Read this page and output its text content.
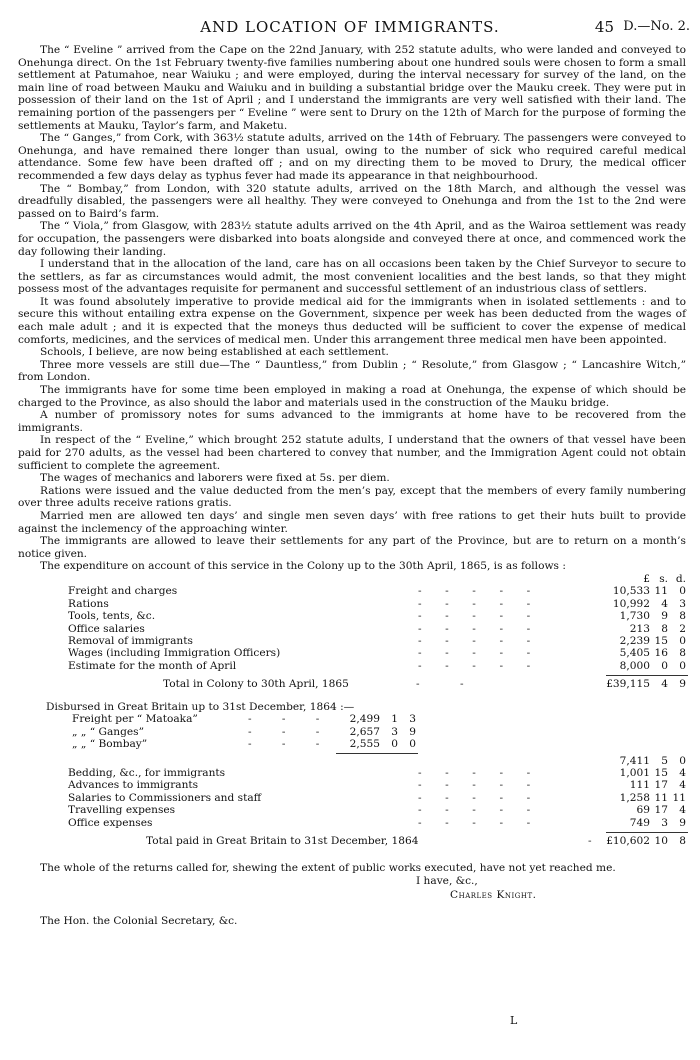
AND LOCATION OF IMMIGRANTS.	45 D.—No. 2.

The “ Eveline ” arrived from the Cape on the 22nd January, with 252 statute adults, who were landed and conveyed to Onehunga direct. On the 1st February twenty-five families numbering about one hundred souls were chosen to form a small settlement at Patumahoe, near Waiuku ; and were employed, during the interval necessary for survey of the land, on the main line of road between Mauku and Waiuku and in building a substantial bridge over the Mauku creek. They were put in possession of their land on the 1st of April ; and I understand the immigrants are very well satisfied with their land. The remaining portion of the passengers per “ Eveline ” were sent to Drury on the 12th of March for the purpose of forming the settlements at Mauku, Taylor’s farm, and Maketu.

The “ Ganges,” from Cork, with 363½ statute adults, arrived on the 14th of February. The passengers were conveyed to Onehunga, and have remained there longer than usual, owing to the number of sick who required careful medical attendance. Some few have been drafted off ; and on my directing them to be moved to Drury, the medical officer recommended a few days delay as typhus fever had made its appearance in that neighbourhood.

The “ Bombay,” from London, with 320 statute adults, arrived on the 18th March, and although the vessel was dreadfully disabled, the passengers were all healthy. They were conveyed to Onehunga and from the 1st to the 2nd were passed on to Baird’s farm.

The “ Viola,” from Glasgow, with 283½ statute adults arrived on the 4th April, and as the Wairoa settlement was ready for occupation, the passengers were disbarked into boats alongside and conveyed there at once, and commenced work the day following their landing.

I understand that in the allocation of the land, care has on all occasions been taken by the Chief Surveyor to secure to the settlers, as far as circumstances would admit, the most convenient localities and the best lands, so that they might possess most of the advantages requisite for permanent and successful settlement of an industrious class of settlers.

It was found absolutely imperative to provide medical aid for the immigrants when in isolated settlements : and to secure this without entailing extra expense on the Government, sixpence per week has been deducted from the wages of each male adult ; and it is expected that the moneys thus deducted will be sufficient to cover the expense of medical comforts, medicines, and the services of medical men. Under this arrangement three medical men have been appointed.

Schools, I believe, are now being established at each settlement.

Three more vessels are still due—The “ Dauntless,” from Dublin ; “ Resolute,” from Glasgow ; “ Lancashire Witch,” from London.

The immigrants have for some time been employed in making a road at Onehunga, the expense of which should be charged to the Province, as also should the labor and materials used in the construction of the Mauku bridge.

A number of promissory notes for sums advanced to the immigrants at home have to be recovered from the immigrants.

In respect of the “ Eveline,” which brought 252 statute adults, I understand that the owners of that vessel have been paid for 270 adults, as the vessel had been chartered to convey that number, and the Immigration Agent could not obtain sufficient to complete the agreement.

The wages of mechanics and laborers were fixed at 5s. per diem.

Rations were issued and the value deducted from the men’s pay, except that the members of every family numbering over three adults receive rations gratis.

Married men are allowed ten days’ and single men seven days’ with free rations to get their huts built to provide against the inclemency of the approaching winter.

The immigrants are allowed to leave their settlements for any part of the Province, but are to return on a month’s notice given.

The expenditure on account of this service in the Colony up to the 30th April, 1865, is as follows :

£ s. d.
Freight and charges	-       -       -       -       -	10,533 11	0
Rations	-       -       -       -       -	10,992	4	3
Tools, tents, &c.	-       -       -       -       -	1,730	9	8
Office salaries	-       -       -       -       -	213	8	2
Removal of immigrants	-       -       -       -       -	2,239 15	0
Wages (including Immigration Officers)	-       -       -       -       -	5,405 16	8
Estimate for the month of April	-       -       -       -       -	8,000	0	0
Total in Colony to 30th April, 1865	-            -	£39,115	4	9
Disbursed in Great Britain up to 31st December, 1864 :—
Freight per “ Matoaka”	-         -         -	2,499	1	3
„ „ “ Ganges”	-         -         -	2,657	3	9
„ „ “ Bombay”	-         -         -	2,555	0	0
7,411	5	0
Bedding, &c., for immigrants	-       -       -       -       -	1,001 15	4
Advances to immigrants	-       -       -       -       -	111 17	4
Salaries to Commissioners and staff	-       -       -       -       -	1,258 11 11
Travelling expenses	-       -       -       -       -	69 17	4
Office expenses	-       -       -       -       -	749	3	9
Total paid in Great Britain to 31st December, 1864	- £10,602 10	8

The whole of the returns called for, shewing the extent of public works executed, have not yet reached me.

I have, &c.,
Charles Knight.
The Hon. the Colonial Secretary, &c.
L
